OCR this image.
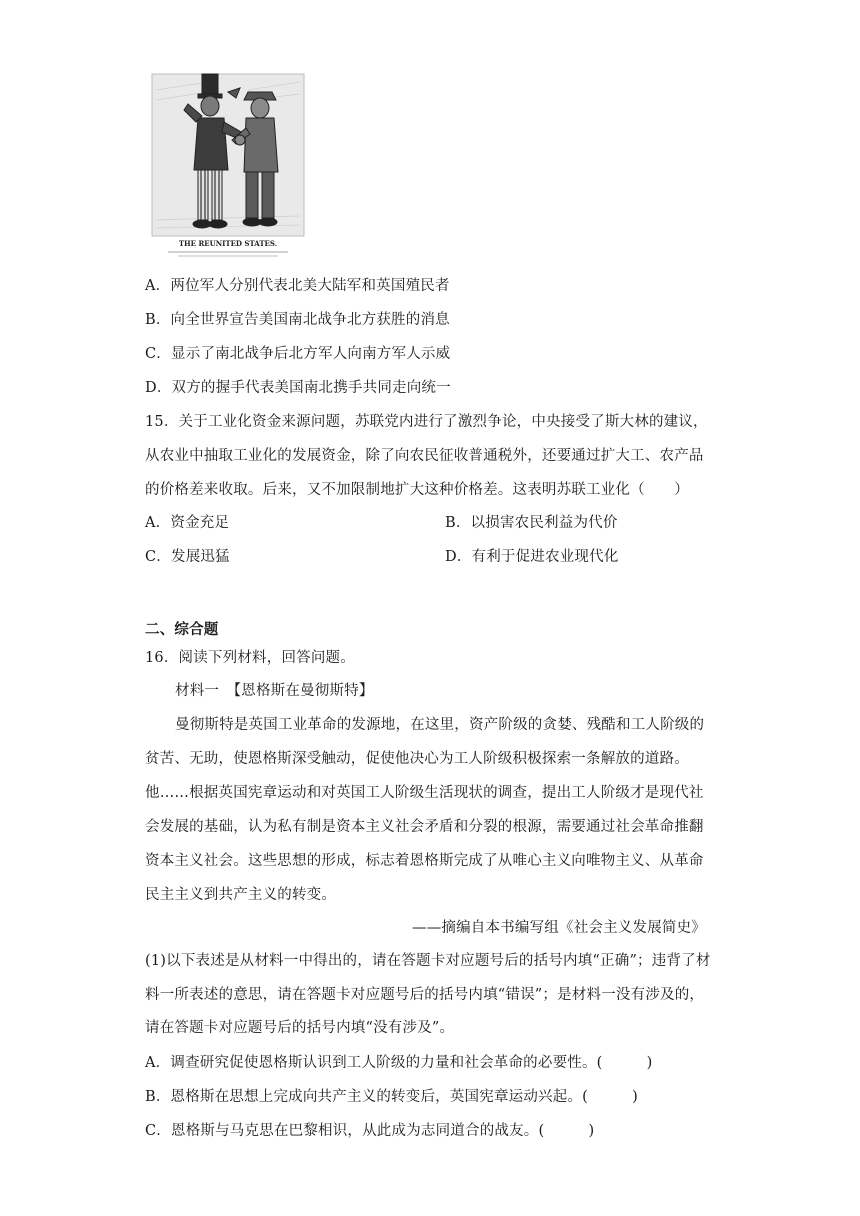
THE REUNITED STATES.
A．两位军人分别代表北美大陆军和英国殖民者
B．向全世界宣告美国南北战争北方获胜的消息
C．显示了南北战争后北方军人向南方军人示威
D．双方的握手代表美国南北携手共同走向统一
15．关于工业化资金来源问题，苏联党内进行了激烈争论，中央接受了斯大林的建议，
从农业中抽取工业化的发展资金，除了向农民征收普通税外，还要通过扩大工、农产品
的价格差来收取。后来，又不加限制地扩大这种价格差。这表明苏联工业化（　　）
A．资金充足	B．以损害农民利益为代价
C．发展迅猛	D．有利于促进农业现代化
二、综合题
16．阅读下列材料，回答问题。
材料一　【恩格斯在曼彻斯特】
曼彻斯特是英国工业革命的发源地，在这里，资产阶级的贪婪、残酷和工人阶级的
贫苦、无助，使恩格斯深受触动，促使他决心为工人阶级积极探索一条解放的道路。
他……根据英国宪章运动和对英国工人阶级生活现状的调查，提出工人阶级才是现代社
会发展的基础，认为私有制是资本主义社会矛盾和分裂的根源，需要通过社会革命推翻
资本主义社会。这些思想的形成，标志着恩格斯完成了从唯心主义向唯物主义、从革命
民主主义到共产主义的转变。
——摘编自本书编写组《社会主义发展简史》
(1)以下表述是从材料一中得出的，请在答题卡对应题号后的括号内填“正确”；违背了材
料一所表述的意思，请在答题卡对应题号后的括号内填“错误”；是材料一没有涉及的，
请在答题卡对应题号后的括号内填“没有涉及”。
A．调查研究促使恩格斯认识到工人阶级的力量和社会革命的必要性。(　　　)
B．恩格斯在思想上完成向共产主义的转变后，英国宪章运动兴起。(　　　)
C．恩格斯与马克思在巴黎相识，从此成为志同道合的战友。(　　　)
